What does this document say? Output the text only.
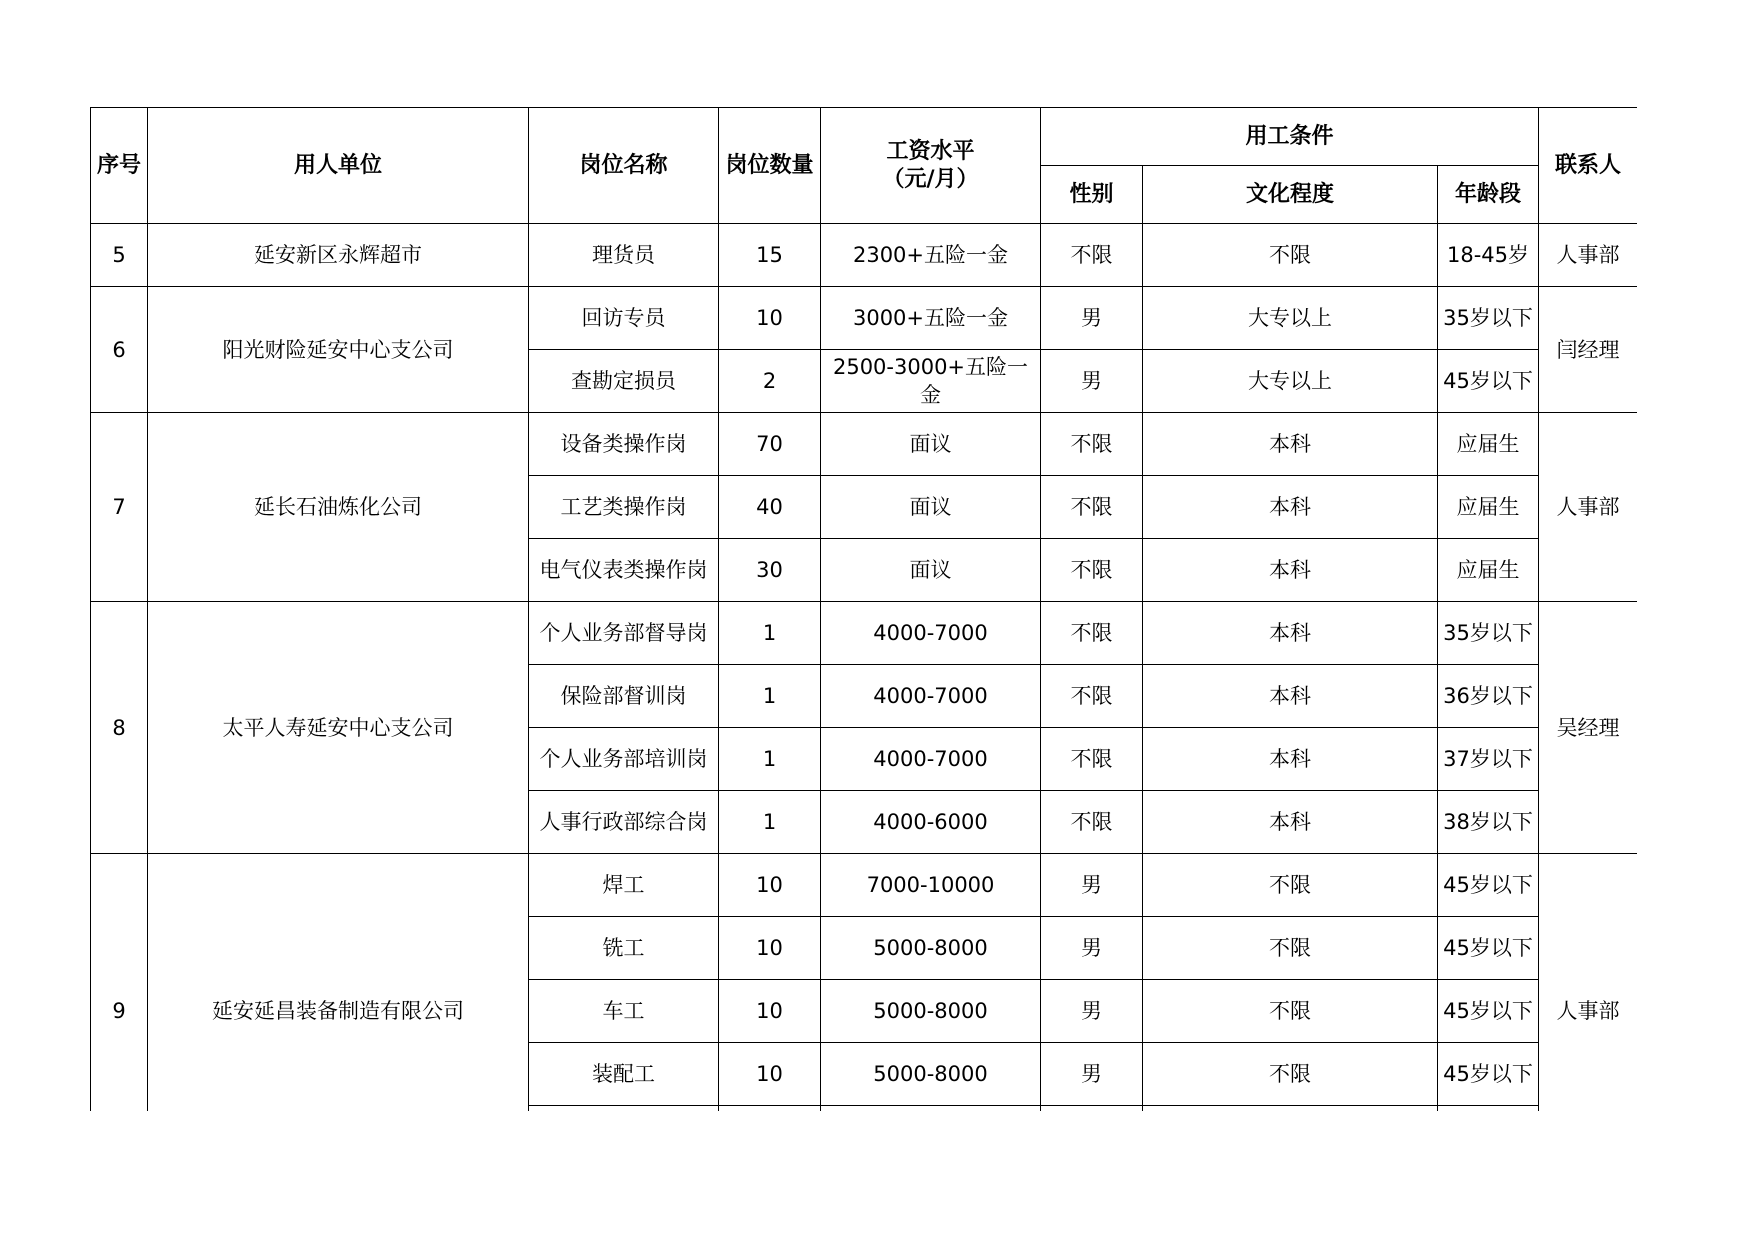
序号	用人单位	岗位名称	岗位数量	工资水平
（元/月）	用工条件			联系人
					性别	文化程度	年龄段	
5	延安新区永辉超市	理货员	15	2300+五险一金	不限	不限	18-45岁	人事部
6	阳光财险延安中心支公司	回访专员	10	3000+五险一金	男	大专以上	35岁以下	闫经理
		查勘定损员	2	2500-3000+五险一金	男	大专以上	45岁以下	
7	延长石油炼化公司	设备类操作岗	70	面议	不限	本科	应届生	人事部
		工艺类操作岗	40	面议	不限	本科	应届生	
		电气仪表类操作岗	30	面议	不限	本科	应届生	
8	太平人寿延安中心支公司	个人业务部督导岗	1	4000-7000	不限	本科	35岁以下	吴经理
		保险部督训岗	1	4000-7000	不限	本科	36岁以下	
		个人业务部培训岗	1	4000-7000	不限	本科	37岁以下	
		人事行政部综合岗	1	4000-6000	不限	本科	38岁以下	
9	延安延昌装备制造有限公司	焊工	10	7000-10000	男	不限	45岁以下	人事部
		铣工	10	5000-8000	男	不限	45岁以下	
		车工	10	5000-8000	男	不限	45岁以下	
		装配工	10	5000-8000	男	不限	45岁以下	
